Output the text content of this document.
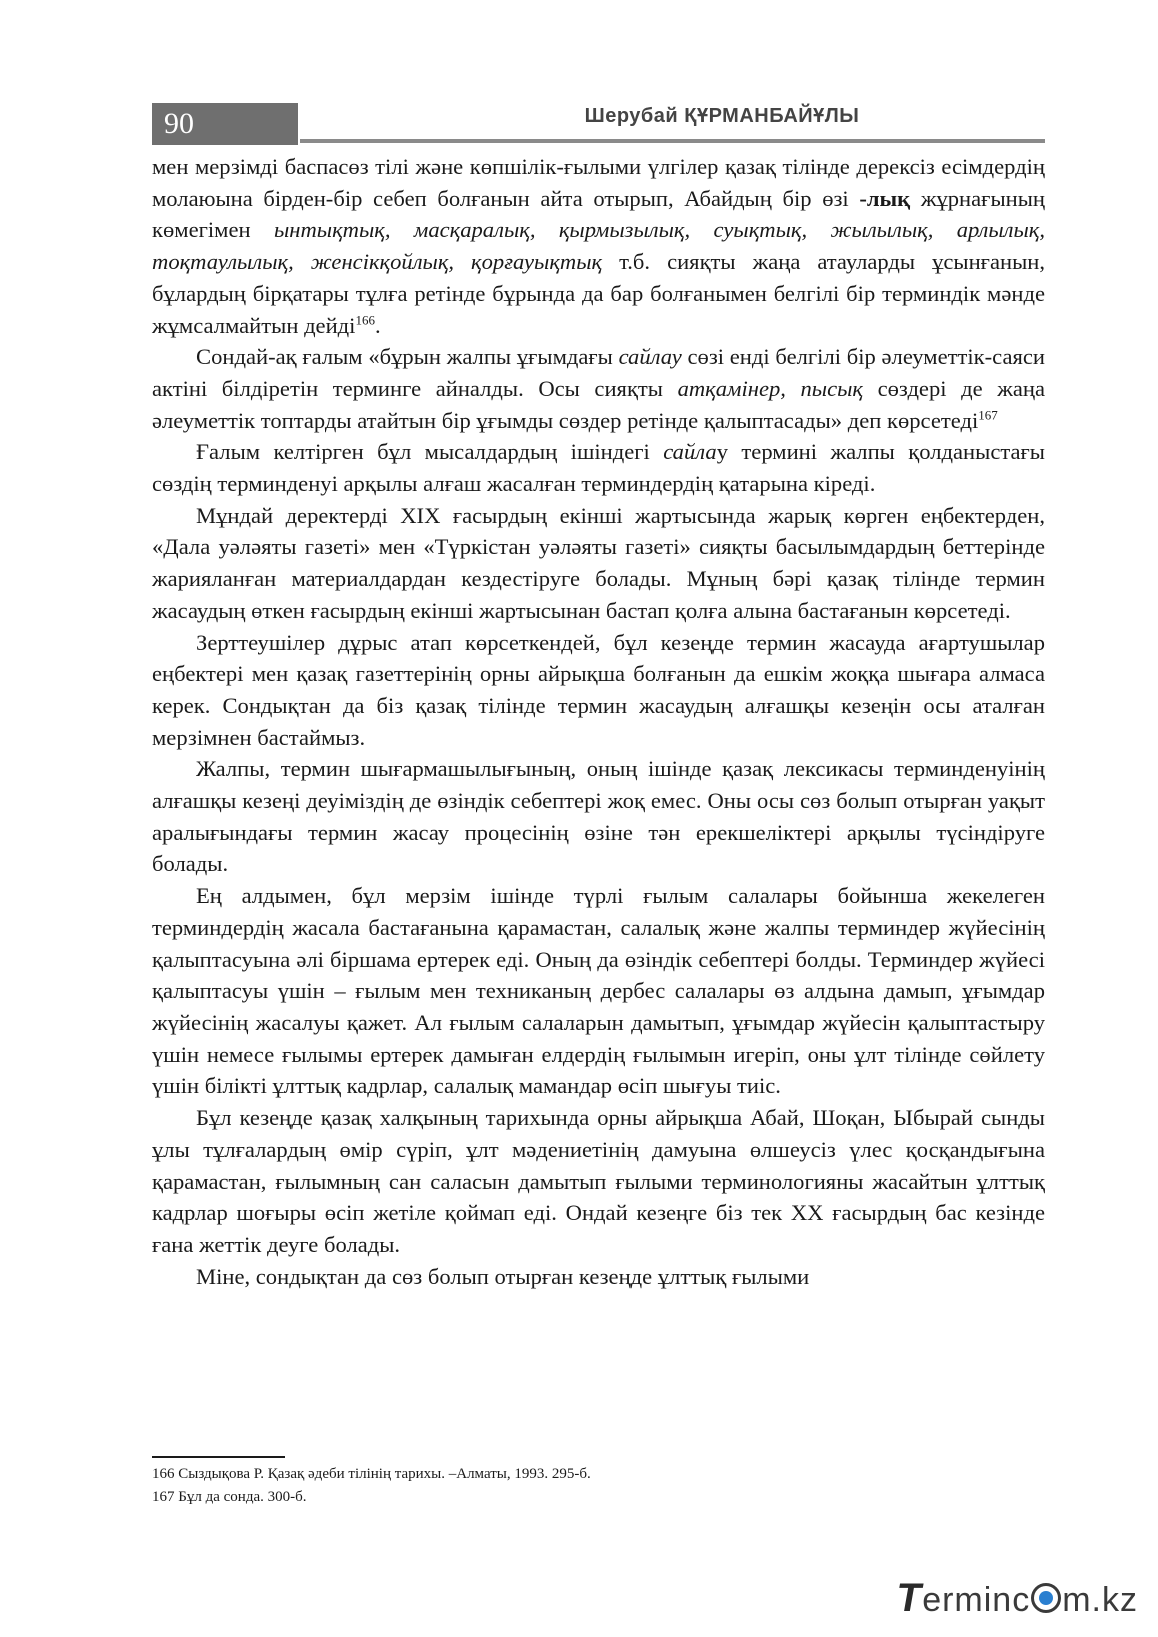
90	Шерубай ҚҰРМАНБАЙҰЛЫ

мен мерзімді баспасөз тілі және көпшілік-ғылыми үлгілер қазақ тілінде дерексіз есімдердің молаюына бірден-бір себеп болғанын айта отырып, Абайдың бір өзі -лық жұрнағының көмегімен ынтықтық, масқаралық, қырмызылық, суықтық, жылылық, арлылық, тоқтаулылық, женсікқойлық, қорғауықтық т.б. сияқты жаңа атауларды ұсынғанын, бұлардың бірқатары тұлға ретінде бұрында да бар болғанымен белгілі бір терминдік мәнде жұмсалмайтын дейді$^{166}$.

Сондай-ақ ғалым «бұрын жалпы ұғымдағы сайлау сөзі енді белгілі бір әлеуметтік-саяси актіні білдіретін терминге айналды. Осы сияқты атқамінер, пысық сөздері де жаңа әлеуметтік топтарды атайтын бір ұғымды сөздер ретінде қалыптасады» деп көрсетеді$^{167}$

Ғалым келтірген бұл мысалдардың ішіндегі сайлау термині жалпы қолданыстағы сөздің терминденуі арқылы алғаш жасалған терминдердің қатарына кіреді.

Мұндай деректерді XIX ғасырдың екінші жартысында жарық көрген еңбектерден, «Дала уәләяты газеті» мен «Түркістан уәләяты газеті» сияқты басылымдардың беттерінде жарияланған материалдардан кездестіруге болады. Мұның бәрі қазақ тілінде термин жасаудың өткен ғасырдың екінші жартысынан бастап қолға алына бастағанын көрсетеді.

Зерттеушілер дұрыс атап көрсеткендей, бұл кезеңде термин жасауда ағартушылар еңбектері мен қазақ газеттерінің орны айрықша болғанын да ешкім жоққа шығара алмаса керек. Сондықтан да біз қазақ тілінде термин жасаудың алғашқы кезеңін осы аталған мерзімнен бастаймыз.

Жалпы, термин шығармашылығының, оның ішінде қазақ лексикасы терминденуінің алғашқы кезеңі деуіміздің де өзіндік себептері жоқ емес. Оны осы сөз болып отырған уақыт аралығындағы термин жасау процесінің өзіне тән ерекшеліктері арқылы түсіндіруге болады.

Ең алдымен, бұл мерзім ішінде түрлі ғылым салалары бойынша жекелеген терминдердің жасала бастағанына қарамастан, салалық және жалпы терминдер жүйесінің қалыптасуына әлі біршама ертерек еді. Оның да өзіндік себептері болды. Терминдер жүйесі қалыптасуы үшін – ғылым мен техниканың дербес салалары өз алдына дамып, ұғымдар жүйесінің жасалуы қажет. Ал ғылым салаларын дамытып, ұғымдар жүйесін қалыптастыру үшін немесе ғылымы ертерек дамыған елдердің ғылымын игеріп, оны ұлт тілінде сөйлету үшін білікті ұлттық кадрлар, салалық мамандар өсіп шығуы тиіс.

Бұл кезеңде қазақ халқының тарихында орны айрықша Абай, Шоқан, Ыбырай сынды ұлы тұлғалардың өмір сүріп, ұлт мәдениетінің дамуына өлшеусіз үлес қосқандығына қарамастан, ғылымның сан саласын дамытып ғылыми терминологияны жасайтын ұлттық кадрлар шоғыры өсіп жетіле қоймап еді. Ондай кезеңге біз тек XX ғасырдың бас кезінде ғана жеттік деуге болады.

Міне, сондықтан да сөз болып отырған кезеңде ұлттық ғылыми

166 Сыздықова Р. Қазақ әдеби тілінің тарихы. –Алматы, 1993. 295-б.
167 Бұл да сонда. 300-б.
Terminc m.kz
